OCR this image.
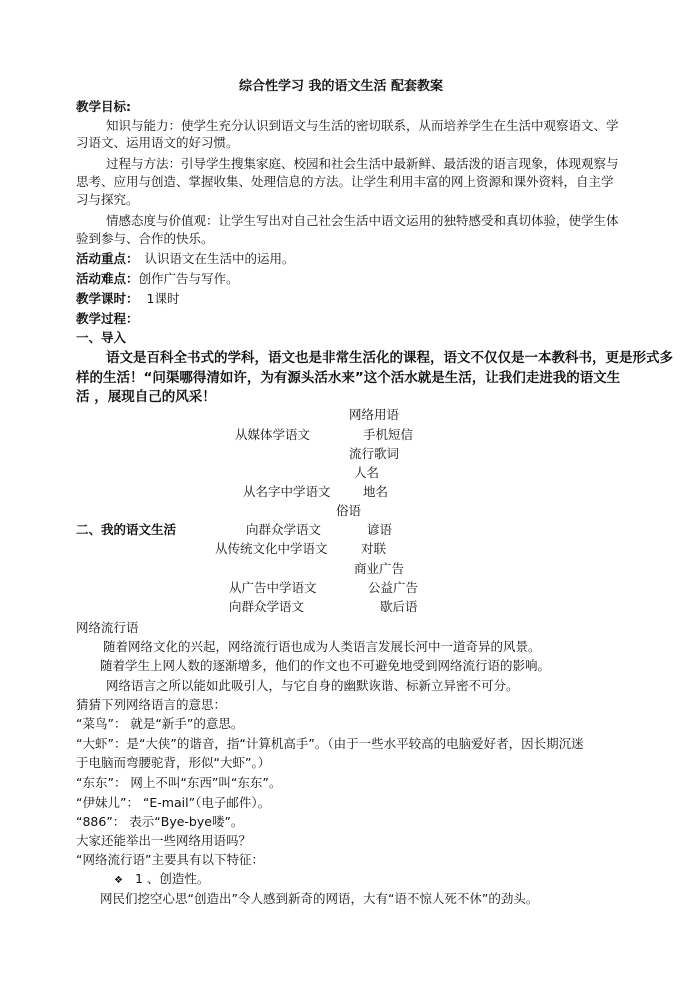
综合性学习 我的语文生活 配套教案
教学目标:
知识与能力：使学生充分认识到语文与生活的密切联系，从而培养学生在生活中观察语文、学
习语文、运用语文的好习惯。
过程与方法：引导学生搜集家庭、校园和社会生活中最新鲜、最活泼的语言现象，体现观察与
思考、应用与创造、掌握收集、处理信息的方法。让学生利用丰富的网上资源和课外资料，自主学
习与探究。
情感态度与价值观：让学生写出对自己社会生活中语文运用的独特感受和真切体验，使学生体
验到参与、合作的快乐。
活动重点： 认识语文在生活中的运用。
活动难点：创作广告与写作。
教学课时： 1课时
教学过程：
一、导入
语文是百科全书式的学科，语文也是非常生活化的课程，语文不仅仅是一本教科书，更是形式多
样的生活！“问渠哪得清如许，为有源头活水来”这个活水就是生活，让我们走进我的语文生
活 ，展现自己的风采！
网络用语
从媒体学语文	手机短信
流行歌词
人名
从名字中学语文	地名
俗语
二、我的语文生活	向群众学语文	谚语
从传统文化中学语文	对联
商业广告
从广告中学语文	公益广告
向群众学语文	歇后语
网络流行语
随着网络文化的兴起，网络流行语也成为人类语言发展长河中一道奇异的风景。
随着学生上网人数的逐渐增多，他们的作文也不可避免地受到网络流行语的影响。
网络语言之所以能如此吸引人，与它自身的幽默诙谐、标新立异密不可分。
猜猜下列网络语言的意思：
“菜鸟”： 就是“新手”的意思。
“大虾”：是“大侠”的谐音，指“计算机高手”。（由于一些水平较高的电脑爱好者，因长期沉迷
于电脑而弯腰驼背，形似“大虾”。）
“东东”： 网上不叫“东西”叫“东东”。
“伊妹儿”： “E-mail”（电子邮件）。
“886”： 表示“Bye-bye喽”。
大家还能举出一些网络用语吗？
“网络流行语”主要具有以下特征：
❖ 1 、创造性。
网民们挖空心思“创造出”令人感到新奇的网语，大有“语不惊人死不休”的劲头。
